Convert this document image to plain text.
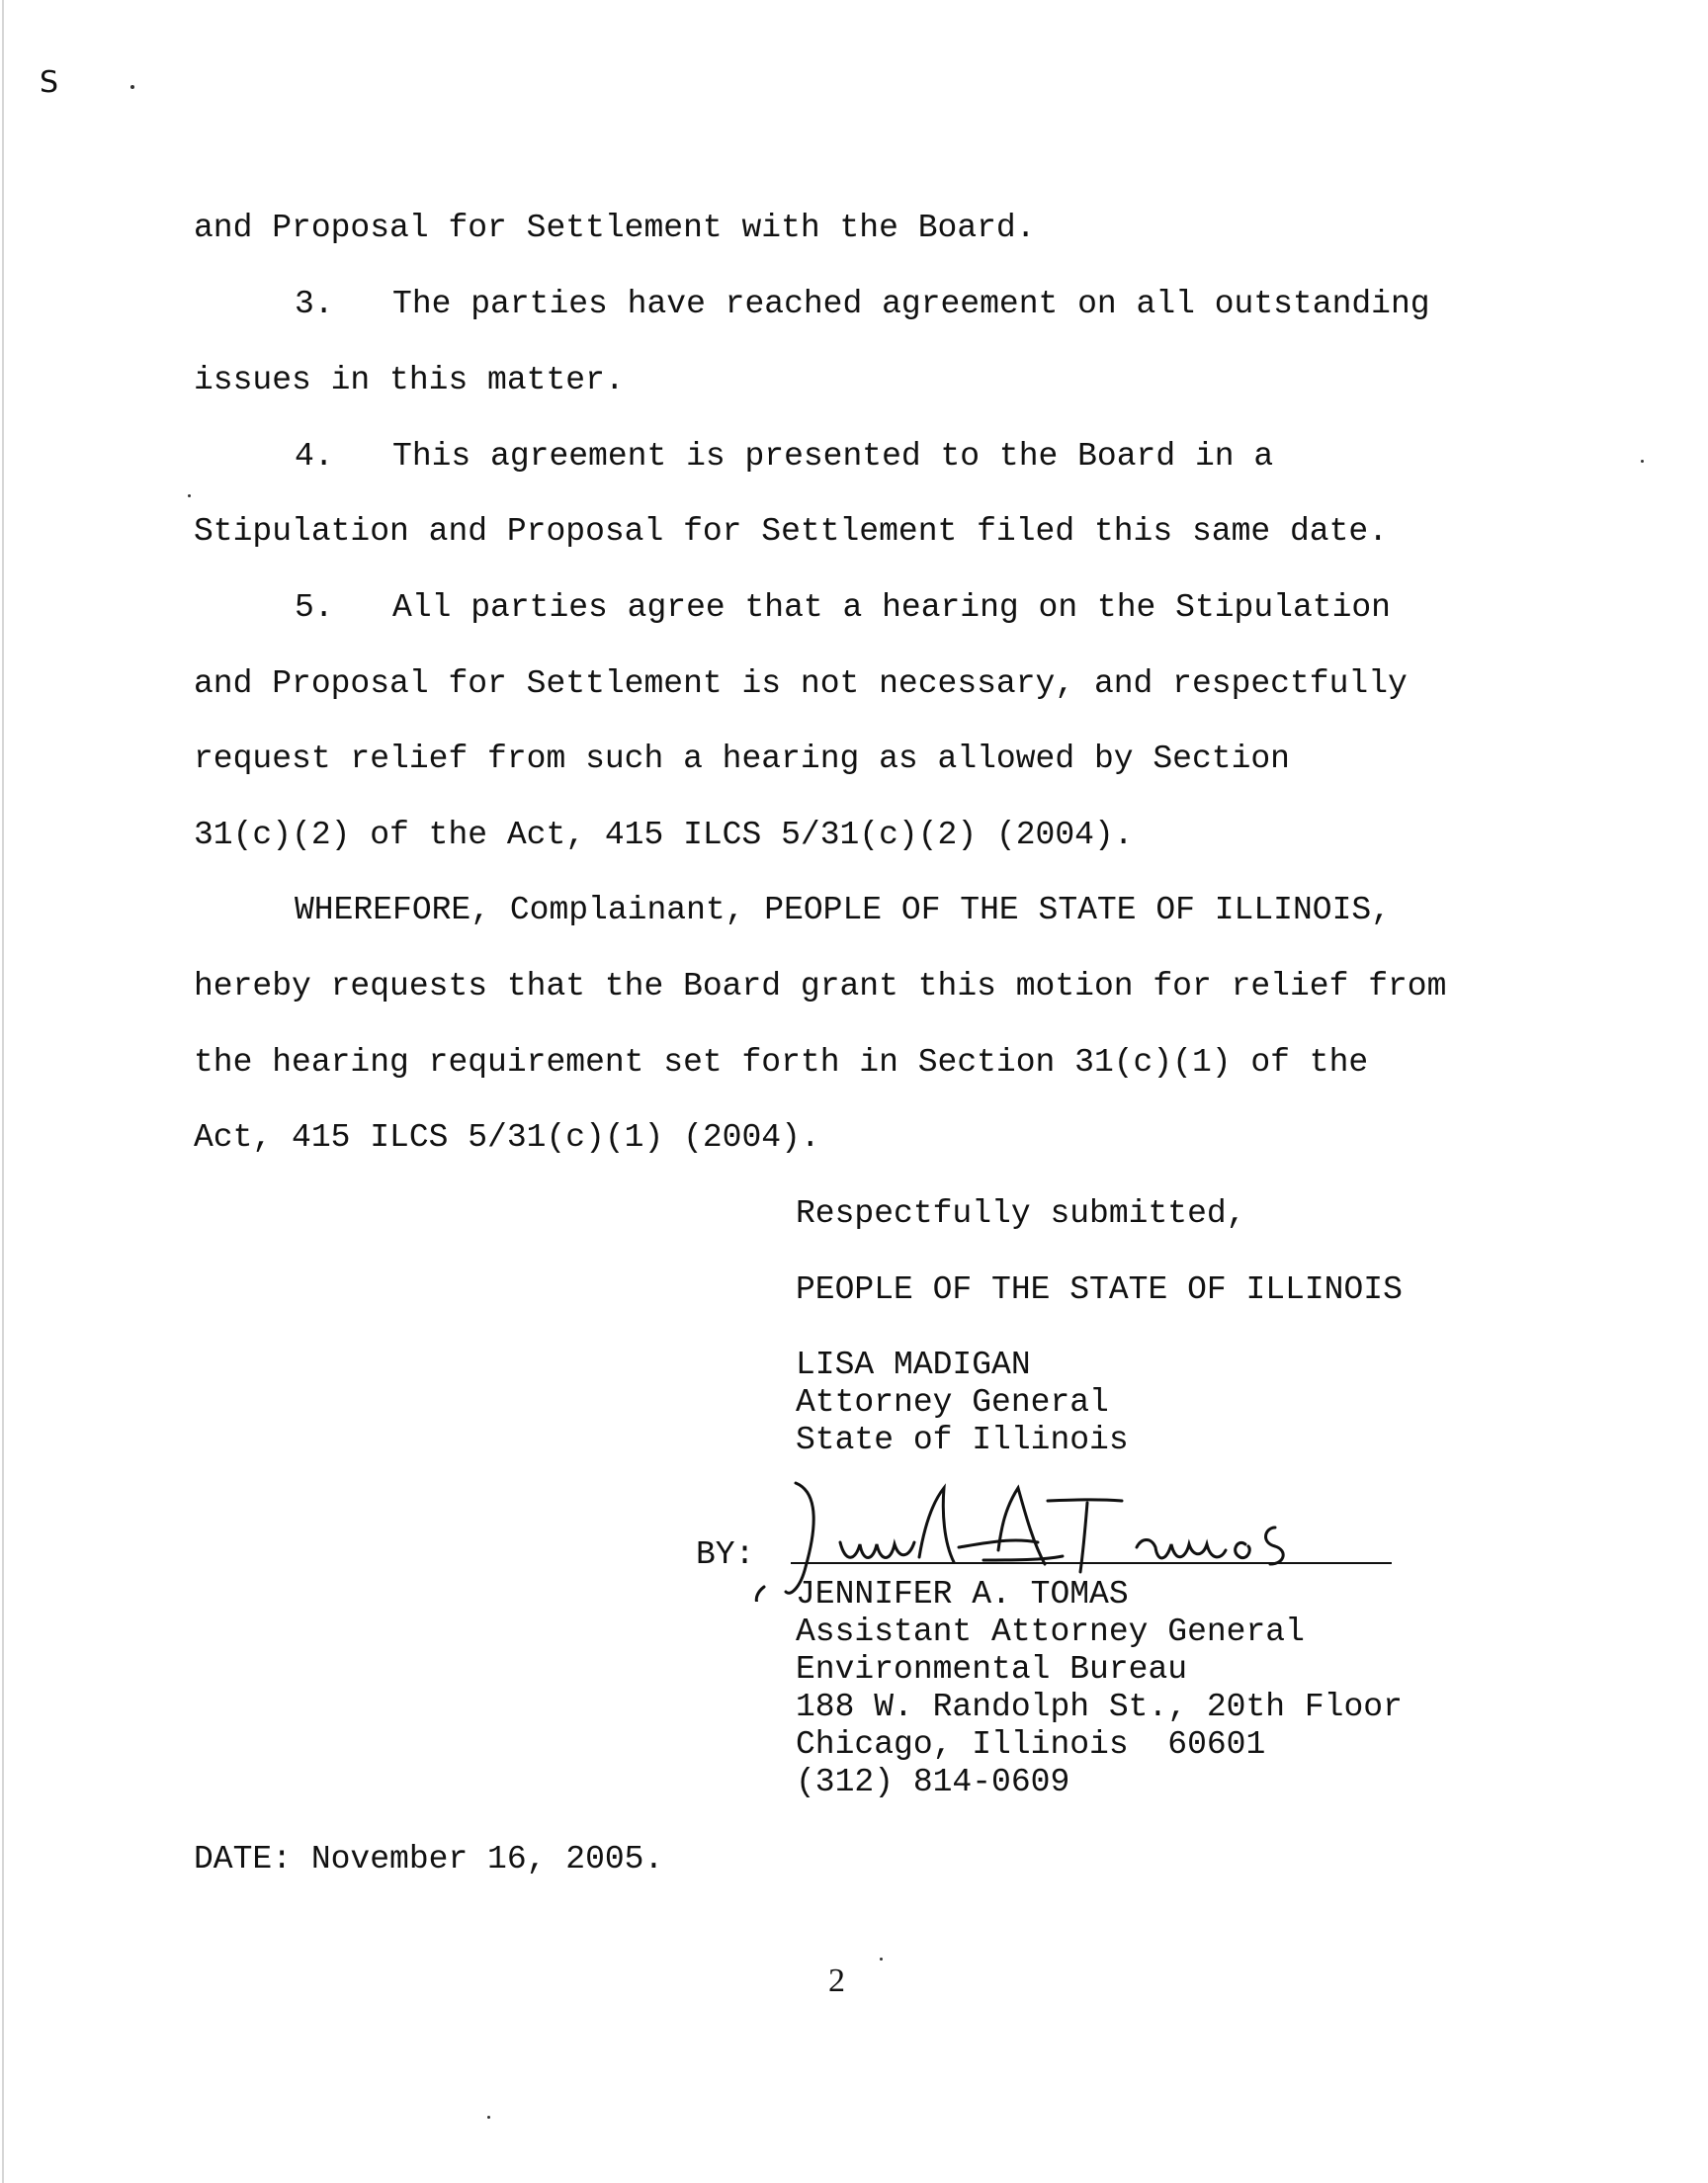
S
and Proposal for Settlement with the Board.
3.   The parties have reached agreement on all outstanding
issues in this matter.
4.   This agreement is presented to the Board in a
Stipulation and Proposal for Settlement filed this same date.
5.   All parties agree that a hearing on the Stipulation
and Proposal for Settlement is not necessary, and respectfully
request relief from such a hearing as allowed by Section
31(c)(2) of the Act, 415 ILCS 5/31(c)(2) (2004).
WHEREFORE, Complainant, PEOPLE OF THE STATE OF ILLINOIS,
hereby requests that the Board grant this motion for relief from
the hearing requirement set forth in Section 31(c)(1) of the
Act, 415 ILCS 5/31(c)(1) (2004).
Respectfully submitted,
PEOPLE OF THE STATE OF ILLINOIS
LISA MADIGAN
Attorney General
State of Illinois
BY:
JENNIFER A. TOMAS
Assistant Attorney General
Environmental Bureau
188 W. Randolph St., 20th Floor
Chicago, Illinois  60601
(312) 814-0609
DATE: November 16, 2005.
2
